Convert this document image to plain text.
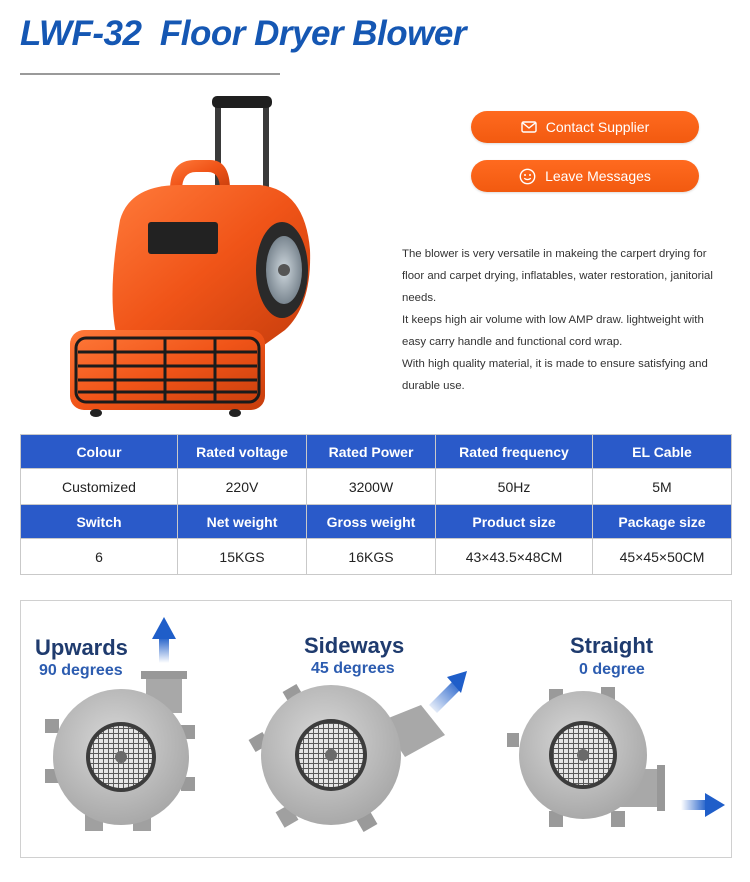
LWF-32  Floor Dryer Blower
Contact Supplier
Leave Messages

The blower is very versatile in makeing the carpert drying for floor and carpet drying, inflatables, water restoration, janitorial needs.

It keeps high air volume with low AMP draw. lightweight with easy carry handle and functional cord wrap.

With high quality material, it is made to ensure satisfying and durable use.

Colour	Rated voltage	Rated Power	Rated frequency	EL Cable
Customized	220V	3200W	50Hz	5M
Switch	Net weight	Gross weight	Product size	Package size
6	15KGS	16KGS	43×43.5×48CM	45×45×50CM
Upwards
90 degrees
Sideways
45 degrees
Straight
0 degree
